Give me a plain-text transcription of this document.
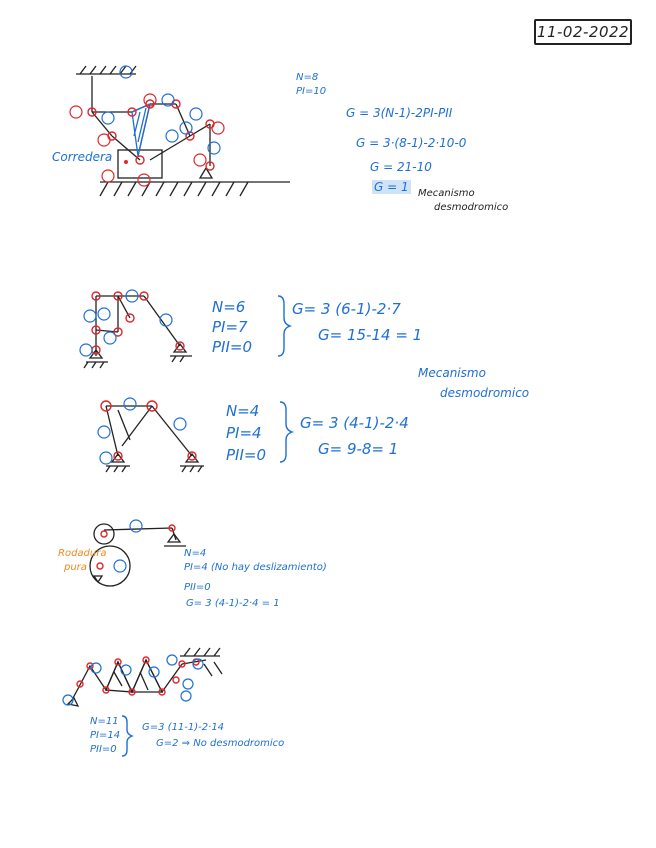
11-02-2022
Corredera
N=8
PI=10
G = 3(N-1)-2PI-PII
G = 3·(8-1)-2·10-0
G = 21-10
G = 1 Mecanismo
desmodromico
N=6
PI=7
PII=0
G= 3 (6-1)-2·7
G= 15-14 = 1
Mecanismo
desmodromico
N=4
PI=4
PII=0
G= 3 (4-1)-2·4
G= 9-8= 1
Rodadura
pura
N=4
PI=4 (No hay deslizamiento)
PII=0
G= 3 (4-1)-2·4 = 1
N=11
PI=14
PII=0
G=3 (11-1)-2·14
G=2 ⇒ No desmodromico
